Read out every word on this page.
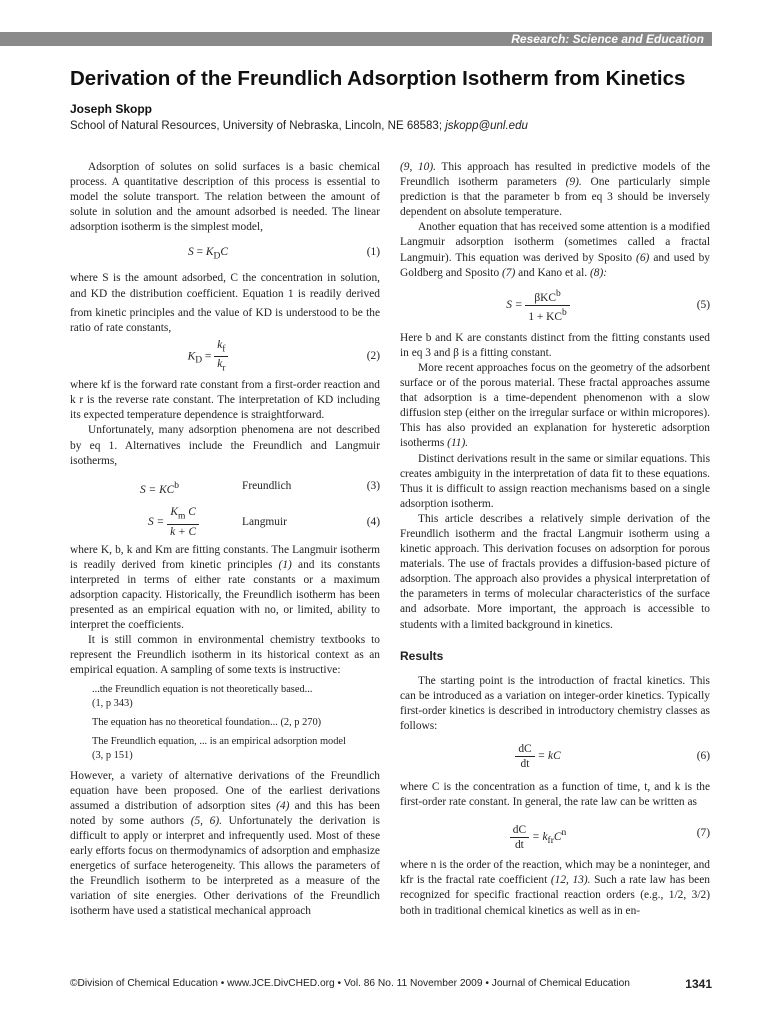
Research: Science and Education
Derivation of the Freundlich Adsorption Isotherm from Kinetics
Joseph Skopp
School of Natural Resources, University of Nebraska, Lincoln, NE 68583; jskopp@unl.edu

Adsorption of solutes on solid surfaces is a basic chemical process. A quantitative description of this process is essential to model the solute transport. The relation between the amount of solute in solution and the amount adsorbed is needed. The linear adsorption isotherm is the simplest model,

$S = K_DC$	(1)

where S is the amount adsorbed, C the concentration in solution, and KD the distribution coefficient. Equation 1 is readily derived from kinetic principles and the value of KD is understood to be the ratio of rate constants,

$K_D = \frac{k_f}{k_r}$	(2)

where kf is the forward rate constant from a first-order reaction and k r is the reverse rate constant. The interpretation of KD including its expected temperature dependence is straightforward.

Unfortunately, many adsorption phenomena are not described by eq 1. Alternatives include the Freundlich and Langmuir isotherms,

$S = KC^b$	Freundlich	(3)
$S = \frac{K_m C}{k + C}$	Langmuir	(4)

where K, b, k and Km are fitting constants. The Langmuir isotherm is readily derived from kinetic principles (1) and its constants interpreted in terms of either rate constants or a maximum adsorption capacity. Historically, the Freundlich isotherm has been presented as an empirical equation with no, or limited, ability to interpret the coefficients.

It is still common in environmental chemistry textbooks to represent the Freundlich isotherm in its historical context as an empirical equation. A sampling of some texts is instructive:

...the Freundlich equation is not theoretically based...
(1, p 343)
The equation has no theoretical foundation... (2, p 270)
The Freundlich equation, ... is an empirical adsorption model
(3, p 151)

However, a variety of alternative derivations of the Freundlich equation have been proposed. One of the earliest derivations assumed a distribution of adsorption sites (4) and this has been noted by some authors (5, 6). Unfortunately the derivation is difficult to apply or interpret and infrequently used. Most of these early efforts focus on thermodynamics of adsorption and emphasize energetics of surface heterogeneity. This allows the parameters of the Freundlich isotherm to be interpreted as a measure of the variation of site energies. Other derivations of the Freundlich isotherm have used a statistical mechanical approach

(9, 10). This approach has resulted in predictive models of the Freundlich isotherm parameters (9). One particularly simple prediction is that the parameter b from eq 3 should be inversely dependent on absolute temperature.

Another equation that has received some attention is a modified Langmuir adsorption isotherm (sometimes called a fractal Langmuir). This equation was derived by Sposito (6) and used by Goldberg and Sposito (7) and Kano et al. (8):

$S = \frac{\beta KC^b}{1 + KC^b}$	(5)

Here b and K are constants distinct from the fitting constants used in eq 3 and β is a fitting constant.

More recent approaches focus on the geometry of the adsorbent surface or of the porous material. These fractal approaches assume that adsorption is a time-dependent phenomenon with a slow diffusion step (either on the irregular surface or within micropores). This has also provided an explanation for hysteretic adsorption isotherms (11).

Distinct derivations result in the same or similar equations. This creates ambiguity in the interpretation of data fit to these equations. Thus it is difficult to assign reaction mechanisms based on a single adsorption isotherm.

This article describes a relatively simple derivation of the Freundlich isotherm and the fractal Langmuir isotherm using a kinetic approach. This derivation focuses on adsorption for porous materials. The use of fractals provides a diffusion-based picture of adsorption. The approach also provides a physical interpretation of the parameters in terms of molecular characteristics of the surface and adsorbate. More important, the approach is accessible to students with a limited background in kinetics.

Results

The starting point is the introduction of fractal kinetics. This can be introduced as a variation on integer-order kinetics. Typically first-order kinetics is described in introductory chemistry classes as follows:

$\frac{dC}{dt}$ = kC	(6)

where C is the concentration as a function of time, t, and k is the first-order rate constant. In general, the rate law can be written as

$\frac{dC}{dt} = k_{fr}C^n$	(7)

where n is the order of the reaction, which may be a noninteger, and kfr is the fractal rate coefficient (12, 13). Such a rate law has been recognized for specific fractional reaction orders (e.g., 1/2, 3/2) both in traditional chemical kinetics as well as in en-

©Division of Chemical Education • www.JCE.DivCHED.org • Vol. 86 No. 11 November 2009 • Journal of Chemical Education	1341
